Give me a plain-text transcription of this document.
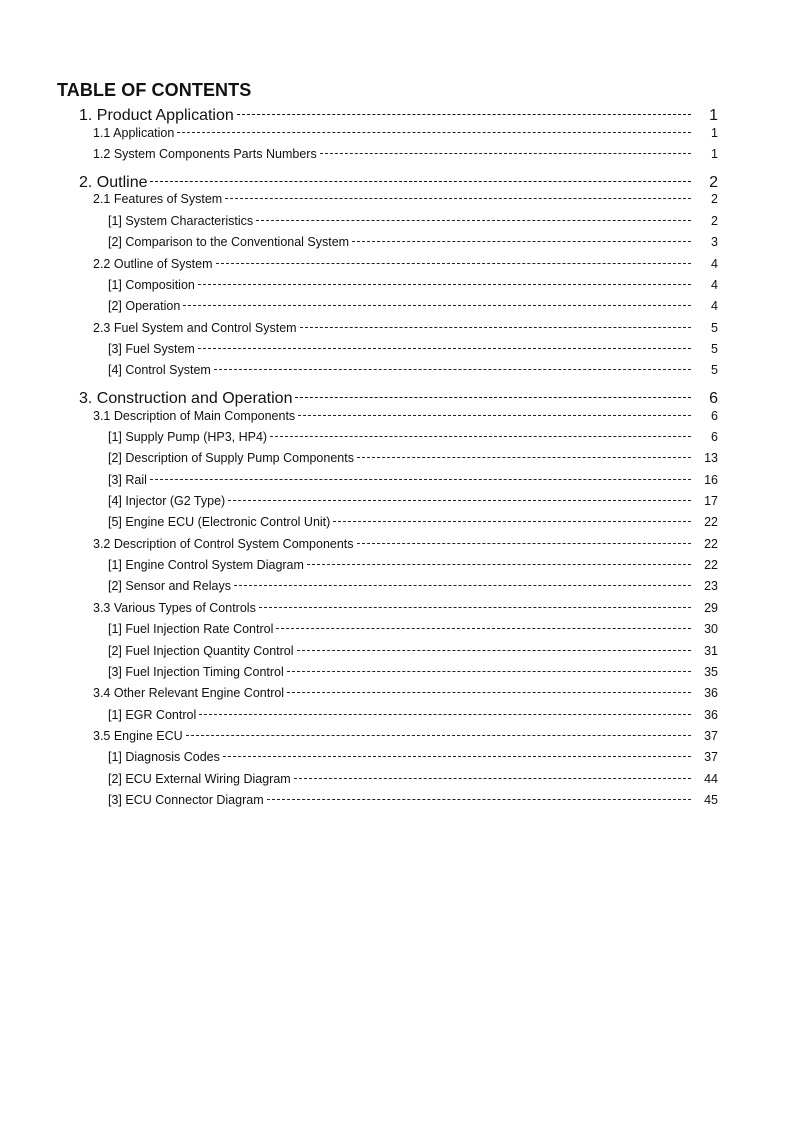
TABLE OF CONTENTS
1. Product Application	1
1.1 Application	1
1.2 System Components Parts Numbers	1
2. Outline	2
2.1 Features of System	2
[1] System Characteristics	2
[2] Comparison to the Conventional System	3
2.2 Outline of System	4
[1] Composition	4
[2] Operation	4
2.3 Fuel System and Control System	5
[3] Fuel System	5
[4] Control System	5
3. Construction and Operation	6
3.1 Description of Main Components	6
[1] Supply Pump (HP3, HP4)	6
[2] Description of Supply Pump Components	13
[3] Rail	16
[4] Injector (G2 Type)	17
[5] Engine ECU (Electronic Control Unit)	22
3.2 Description of Control System Components	22
[1] Engine Control System Diagram	22
[2] Sensor and Relays	23
3.3 Various Types of Controls	29
[1] Fuel Injection Rate Control	30
[2] Fuel Injection Quantity Control	31
[3] Fuel Injection Timing Control	35
3.4 Other Relevant Engine Control	36
[1] EGR Control	36
3.5 Engine ECU	37
[1] Diagnosis Codes	37
[2] ECU External Wiring Diagram	44
[3] ECU Connector Diagram	45
